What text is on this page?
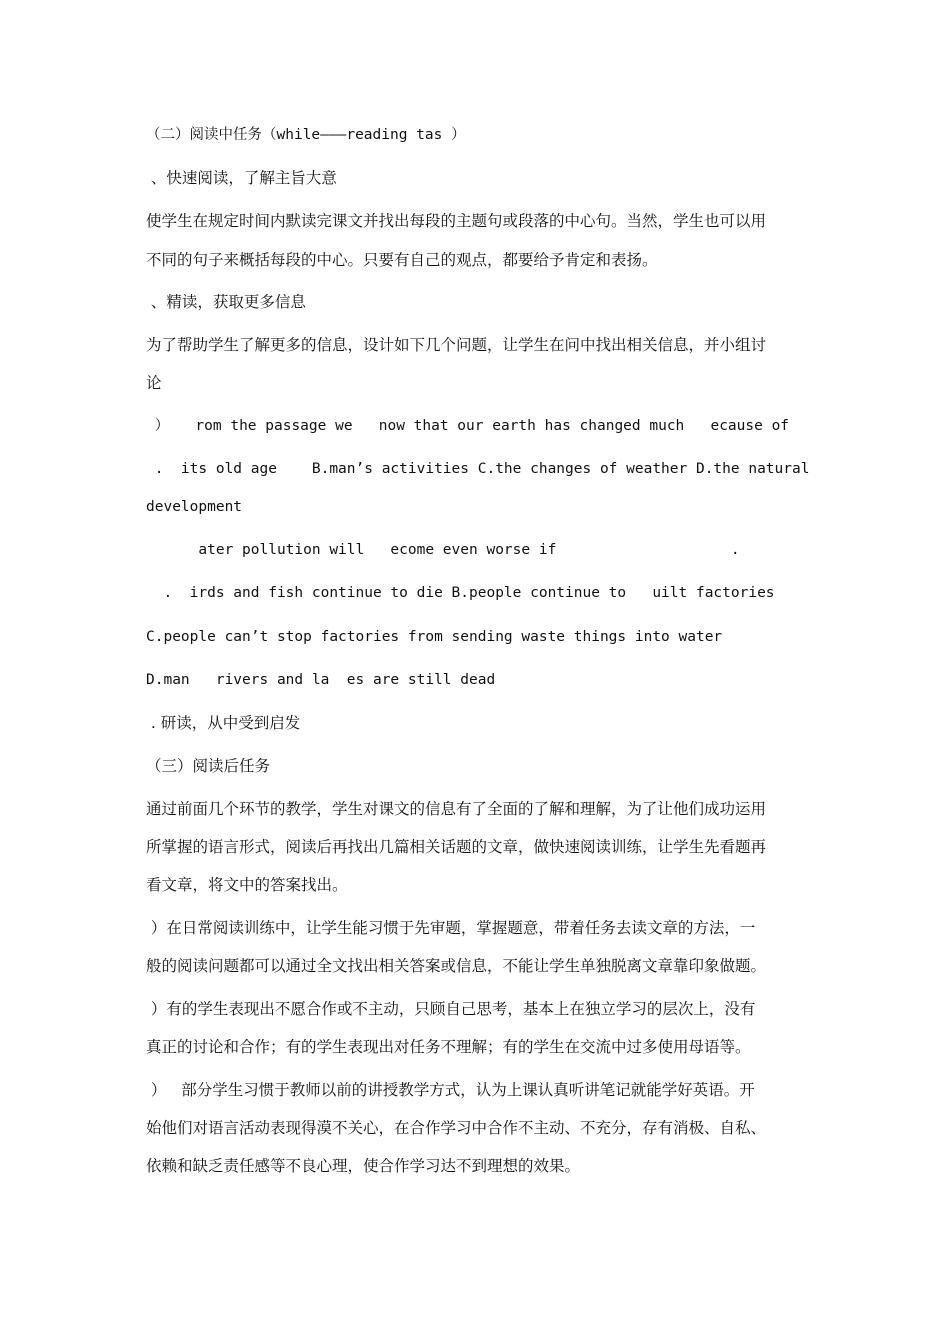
（二）阅读中任务（while———reading tas ）
、快速阅读，了解主旨大意
使学生在规定时间内默读完课文并找出每段的主题句或段落的中心句。当然，学生也可以用
不同的句子来概括每段的中心。只要有自己的观点，都要给予肯定和表扬。
、精读，获取更多信息
为了帮助学生了解更多的信息，设计如下几个问题，让学生在问中找出相关信息，并小组讨
论
）   rom the passage we   now that our earth has changed much   ecause of
.  its old age    B.man’s activities C.the changes of weather D.the natural
development
ater pollution will   ecome even worse if                    .
.  irds and fish continue to die B.people continue to   uilt factories
C.people can’t stop factories from sending waste things into water
D.man   rivers and la  es are still dead
. 研读，从中受到启发
（三）阅读后任务
通过前面几个环节的教学，学生对课文的信息有了全面的了解和理解，为了让他们成功运用
所掌握的语言形式，阅读后再找出几篇相关话题的文章，做快速阅读训练，让学生先看题再
看文章，将文中的答案找出。
）在日常阅读训练中，让学生能习惯于先审题，掌握题意，带着任务去读文章的方法，一
般的阅读问题都可以通过全文找出相关答案或信息，不能让学生单独脱离文章靠印象做题。
）有的学生表现出不愿合作或不主动，只顾自己思考，基本上在独立学习的层次上，没有
真正的讨论和合作；有的学生表现出对任务不理解；有的学生在交流中过多使用母语等。
）   部分学生习惯于教师以前的讲授教学方式，认为上课认真听讲笔记就能学好英语。开
始他们对语言活动表现得漠不关心，在合作学习中合作不主动、不充分，存有消极、自私、
依赖和缺乏责任感等不良心理，使合作学习达不到理想的效果。
